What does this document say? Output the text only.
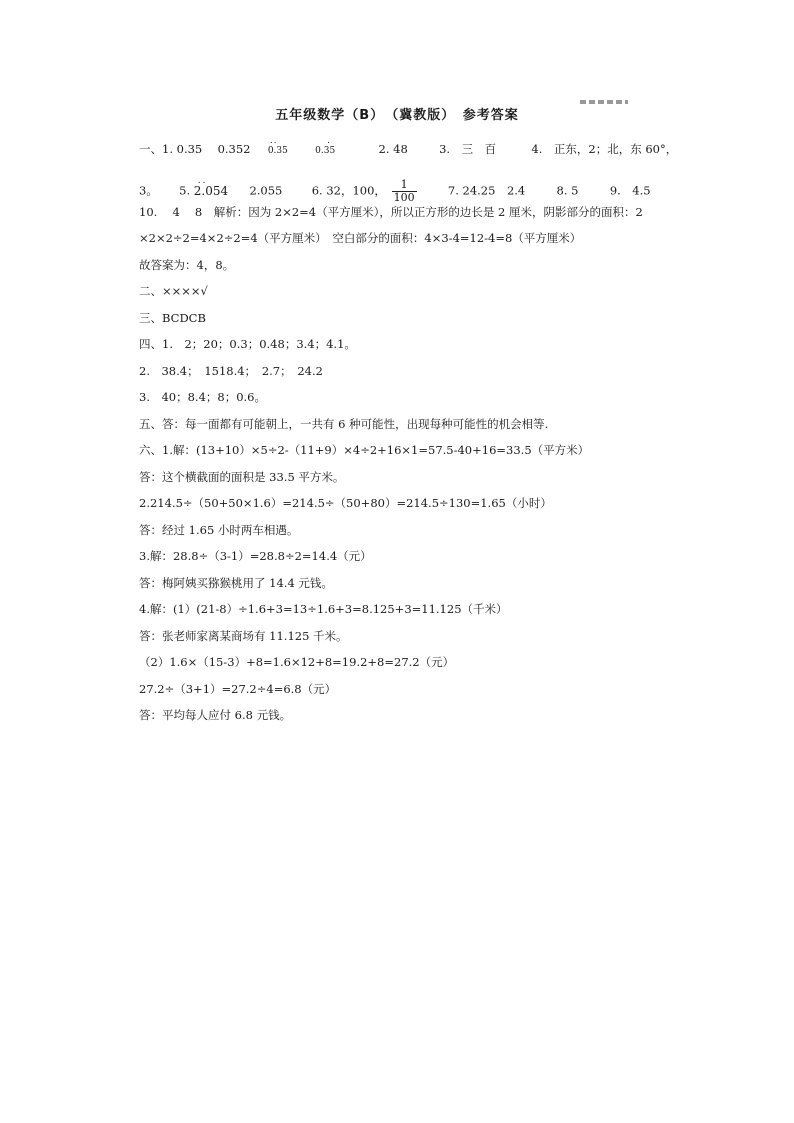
五年级数学（B）　（冀教版）　参考答案
一、1. 0.35 0.352
..
0.35
.
0.35	2. 48	3.　三　百	4.　正东，2；北，东 60°，
3。 5.
..
2.054 2.055	6. 32，100， $\frac{1}{100}$	7. 24.25　2.4	8. 5	9.　4.5
10.　 4　 8　解析：因为 2×2=4（平方厘米），所以正方形的边长是 2 厘米，阴影部分的面积：2
×2×2÷2=4×2÷2=4（平方厘米）　空白部分的面积：4×3-4=12-4=8（平方厘米）
故答案为：4，8。
二、××××√
三、BCDCB
四、1.　2；20；0.3；0.48；3.4；4.1。
2.　38.4；　1518.4；　2.7；　24.2
3.　40；8.4；8；0.6。
五、答：每一面都有可能朝上，一共有 6 种可能性，出现每种可能性的机会相等.
六、1.解：(13+10）×5÷2-（11+9）×4÷2+16×1=57.5-40+16=33.5（平方米）
答：这个横截面的面积是 33.5 平方米。
2.214.5÷（50+50×1.6）=214.5÷（50+80）=214.5÷130=1.65（小时）
答：经过 1.65 小时两车相遇。
3.解：28.8÷（3-1）=28.8÷2=14.4（元）
答：梅阿姨买猕猴桃用了 14.4 元钱。
4.解：(1）(21-8）÷1.6+3=13÷1.6+3=8.125+3=11.125（千米）
答：张老师家离某商场有 11.125 千米。
（2）1.6×（15-3）+8=1.6×12+8=19.2+8=27.2（元）
27.2÷（3+1）=27.2÷4=6.8（元）
答：平均每人应付 6.8 元钱。
